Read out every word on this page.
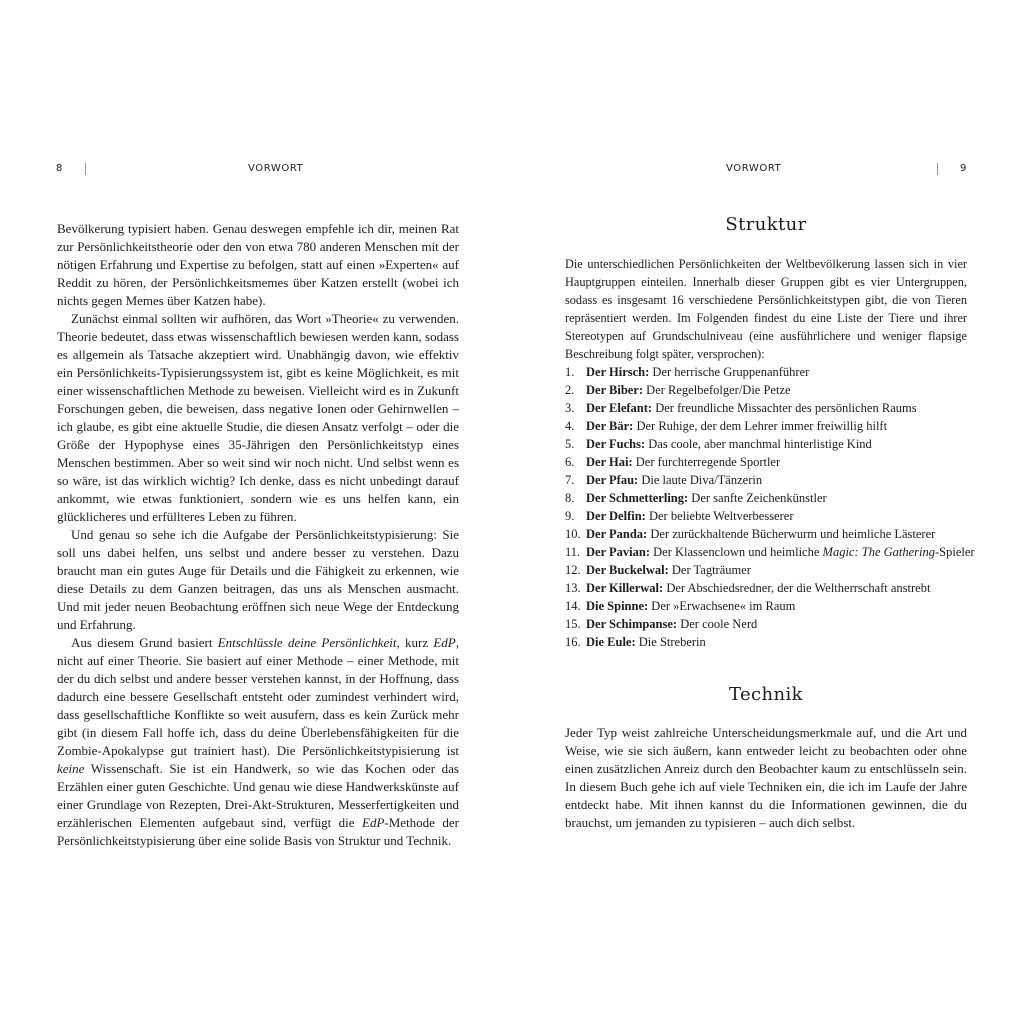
8	VORWORT

Bevölkerung typisiert haben. Genau deswegen empfehle ich dir, meinen Rat zur Persönlichkeitstheorie oder den von etwa 780 anderen Menschen mit der nötigen Erfahrung und Expertise zu befolgen, statt auf einen »Experten« auf Reddit zu hören, der Persönlichkeitsmemes über Katzen erstellt (wobei ich nichts gegen Memes über Katzen habe).

Zunächst einmal sollten wir aufhören, das Wort »Theorie« zu verwenden. Theorie bedeutet, dass etwas wissenschaftlich bewiesen werden kann, sodass es allgemein als Tatsache akzeptiert wird. Unabhängig davon, wie effektiv ein Persönlichkeits-Typisierungssystem ist, gibt es keine Möglichkeit, es mit einer wissenschaftlichen Methode zu beweisen. Vielleicht wird es in Zukunft Forschungen geben, die beweisen, dass negative Ionen oder Gehirnwellen – ich glaube, es gibt eine aktuelle Studie, die diesen Ansatz verfolgt – oder die Größe der Hypophyse eines 35-Jährigen den Persönlichkeitstyp eines Menschen bestimmen. Aber so weit sind wir noch nicht. Und selbst wenn es so wäre, ist das wirklich wichtig? Ich denke, dass es nicht unbedingt darauf ankommt, wie etwas funktioniert, sondern wie es uns helfen kann, ein glücklicheres und erfüllteres Leben zu führen.

Und genau so sehe ich die Aufgabe der Persönlichkeitstypisierung: Sie soll uns dabei helfen, uns selbst und andere besser zu verstehen. Dazu braucht man ein gutes Auge für Details und die Fähigkeit zu erkennen, wie diese Details zu dem Ganzen beitragen, das uns als Menschen ausmacht. Und mit jeder neuen Beobachtung eröffnen sich neue Wege der Entdeckung und Erfahrung.

Aus diesem Grund basiert Entschlüssle deine Persönlichkeit, kurz EdP, nicht auf einer Theorie. Sie basiert auf einer Methode – einer Methode, mit der du dich selbst und andere besser verstehen kannst, in der Hoffnung, dass dadurch eine bessere Gesellschaft entsteht oder zumindest verhindert wird, dass gesellschaftliche Konflikte so weit ausufern, dass es kein Zurück mehr gibt (in diesem Fall hoffe ich, dass du deine Überlebensfähigkeiten für die Zombie-Apokalypse gut trainiert hast). Die Persönlichkeitstypisierung ist keine Wissenschaft. Sie ist ein Handwerk, so wie das Kochen oder das Erzählen einer guten Geschichte. Und genau wie diese Handwerkskünste auf einer Grundlage von Rezepten, Drei-Akt-Strukturen, Messerfertigkeiten und erzählerischen Elementen aufgebaut sind, verfügt die EdP-Methode der Persönlichkeitstypisierung über eine solide Basis von Struktur und Technik.

VORWORT	9
Struktur

Die unterschiedlichen Persönlichkeiten der Weltbevölkerung lassen sich in vier Hauptgruppen einteilen. Innerhalb dieser Gruppen gibt es vier Untergruppen, sodass es insgesamt 16 verschiedene Persönlichkeitstypen gibt, die von Tieren repräsentiert werden. Im Folgenden findest du eine Liste der Tiere und ihrer Stereotypen auf Grundschulniveau (eine ausführlichere und weniger flapsige Beschreibung folgt später, versprochen):

1. Der Hirsch: Der herrische Gruppenanführer
2. Der Biber: Der Regelbefolger/Die Petze
3. Der Elefant: Der freundliche Missachter des persönlichen Raums
4. Der Bär: Der Ruhige, der dem Lehrer immer freiwillig hilft
5. Der Fuchs: Das coole, aber manchmal hinterlistige Kind
6. Der Hai: Der furchterregende Sportler
7. Der Pfau: Die laute Diva/Tänzerin
8. Der Schmetterling: Der sanfte Zeichenkünstler
9. Der Delfin: Der beliebte Weltverbesserer
10. Der Panda: Der zurückhaltende Bücherwurm und heimliche Lästerer
11. Der Pavian: Der Klassenclown und heimliche Magic: The Gathering-Spieler
12. Der Buckelwal: Der Tagträumer
13. Der Killerwal: Der Abschiedsredner, der die Weltherrschaft anstrebt
14. Die Spinne: Der »Erwachsene« im Raum
15. Der Schimpanse: Der coole Nerd
16. Die Eule: Die Streberin
Technik

Jeder Typ weist zahlreiche Unterscheidungsmerkmale auf, und die Art und Weise, wie sie sich äußern, kann entweder leicht zu beobachten oder ohne einen zusätzlichen Anreiz durch den Beobachter kaum zu entschlüsseln sein. In diesem Buch gehe ich auf viele Techniken ein, die ich im Laufe der Jahre entdeckt habe. Mit ihnen kannst du die Informationen gewinnen, die du brauchst, um jemanden zu typisieren – auch dich selbst.
